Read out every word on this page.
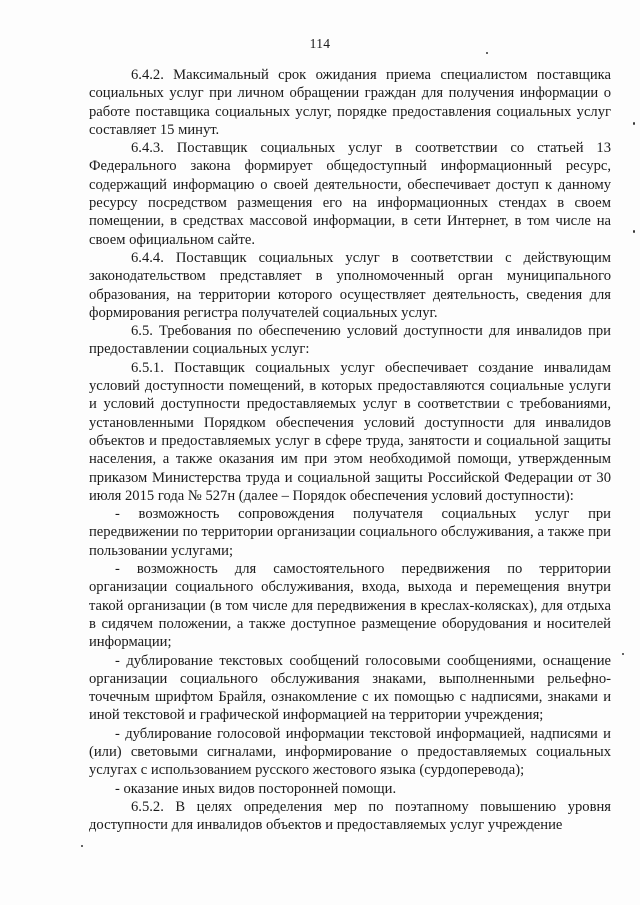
114

6.4.2. Максимальный срок ожидания приема специалистом поставщика социальных услуг при личном обращении граждан для получения информации о работе поставщика социальных услуг, порядке предоставления социальных услуг составляет 15 минут.

6.4.3. Поставщик социальных услуг в соответствии со статьей 13 Федерального закона формирует общедоступный информационный ресурс, содержащий информацию о своей деятельности, обеспечивает доступ к данному ресурсу посредством размещения его на информационных стендах в своем помещении, в средствах массовой информации, в сети Интернет, в том числе на своем официальном сайте.

6.4.4. Поставщик социальных услуг в соответствии с действующим законодательством представляет в уполномоченный орган муниципального образования, на территории которого осуществляет деятельность, сведения для формирования регистра получателей социальных услуг.

6.5. Требования по обеспечению условий доступности для инвалидов при предоставлении социальных услуг:

6.5.1. Поставщик социальных услуг обеспечивает создание инвалидам условий доступности помещений, в которых предоставляются социальные услуги и условий доступности предоставляемых услуг в соответствии с требованиями, установленными Порядком обеспечения условий доступности для инвалидов объектов и предоставляемых услуг в сфере труда, занятости и социальной защиты населения, а также оказания им при этом необходимой помощи, утвержденным приказом Министерства труда и социальной защиты Российской Федерации от 30 июля 2015 года № 527н (далее – Порядок обеспечения условий доступности):

- возможность сопровождения получателя социальных услуг при передвижении по территории организации социального обслуживания, а также при пользовании услугами;

- возможность для самостоятельного передвижения по территории организации социального обслуживания, входа, выхода и перемещения внутри такой организации (в том числе для передвижения в креслах-колясках), для отдыха в сидячем положении, а также доступное размещение оборудования и носителей информации;

- дублирование текстовых сообщений голосовыми сообщениями, оснащение организации социального обслуживания знаками, выполненными рельефно-точечным шрифтом Брайля, ознакомление с их помощью с надписями, знаками и иной текстовой и графической информацией на территории учреждения;

- дублирование голосовой информации текстовой информацией, надписями и (или) световыми сигналами, информирование о предоставляемых социальных услугах с использованием русского жестового языка (сурдоперевода);

- оказание иных видов посторонней помощи.

6.5.2. В целях определения мер по поэтапному повышению уровня доступности для инвалидов объектов и предоставляемых услуг учреждение
